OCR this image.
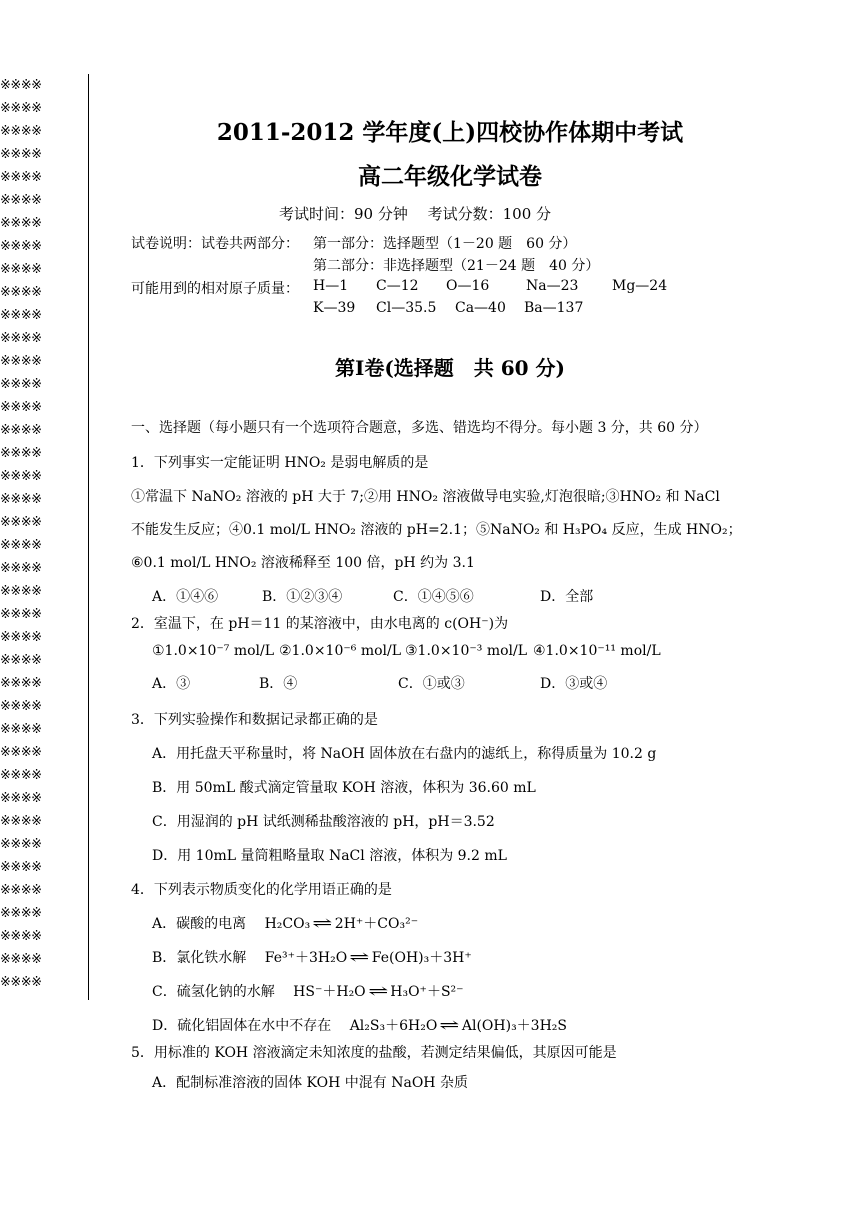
※※※※
※※※※
※※※※
※※※※
※※※※
※※※※
※※※※
※※※※
※※※※
※※※※
※※※※
※※※※
※※※※
※※※※
※※※※
※※※※
※※※※
※※※※
※※※※
※※※※
※※※※
※※※※
※※※※
※※※※
※※※※
※※※※
※※※※
※※※※
※※※※
※※※※
※※※※
※※※※
※※※※
※※※※
※※※※
※※※※
※※※※
※※※※
※※※※
※※※※
2011-2012 学年度(上)四校协作体期中考试
高二年级化学试卷
考试时间：90 分钟　 考试分数：100 分
试卷说明：试卷共两部分： 第一部分：选择题型（1－20 题　60 分）
第二部分：非选择题型（21－24 题　40 分）
可能用到的相对原子质量： H—1 C—12 O—16	Na—23 Mg—24
K—39 Cl—35.5 Ca—40 Ba—137
第Ⅰ卷(选择题　共 60 分)
一、选择题（每小题只有一个选项符合题意，多选、错选均不得分。每小题 3 分，共 60 分）
1．下列事实一定能证明 HNO₂ 是弱电解质的是
①常温下 NaNO₂ 溶液的 pH 大于 7;②用 HNO₂ 溶液做导电实验,灯泡很暗;③HNO₂ 和 NaCl
不能发生反应；④0.1 mol/L HNO₂ 溶液的 pH=2.1；⑤NaNO₂ 和 H₃PO₄ 反应，生成 HNO₂；
⑥0.1 mol/L HNO₂ 溶液稀释至 100 倍，pH 约为 3.1
A．①④⑥	B．①②③④	C．①④⑤⑥	D．全部
2．室温下，在 pH＝11 的某溶液中，由水电离的 c(OH⁻)为
①1.0×10⁻⁷ mol/L ②1.0×10⁻⁶ mol/L ③1.0×10⁻³ mol/L ④1.0×10⁻¹¹ mol/L
A．③	B．④	C．①或③	D．③或④
3．下列实验操作和数据记录都正确的是
A．用托盘天平称量时，将 NaOH 固体放在右盘内的滤纸上，称得质量为 10.2 g
B．用 50mL 酸式滴定管量取 KOH 溶液，体积为 36.60 mL
C．用湿润的 pH 试纸测稀盐酸溶液的 pH，pH＝3.52
D．用 10mL 量筒粗略量取 NaCl 溶液，体积为 9.2 mL
4．下列表示物质变化的化学用语正确的是
A．碳酸的电离 H₂CO₃ ⇌ 2H⁺＋CO₃²⁻
B．氯化铁水解 Fe³⁺＋3H₂O ⇌ Fe(OH)₃＋3H⁺
C．硫氢化钠的水解 HS⁻＋H₂O ⇌ H₃O⁺＋S²⁻
D．硫化铝固体在水中不存在 Al₂S₃＋6H₂O ⇌ Al(OH)₃＋3H₂S
5．用标准的 KOH 溶液滴定未知浓度的盐酸，若测定结果偏低，其原因可能是
A．配制标准溶液的固体 KOH 中混有 NaOH 杂质
